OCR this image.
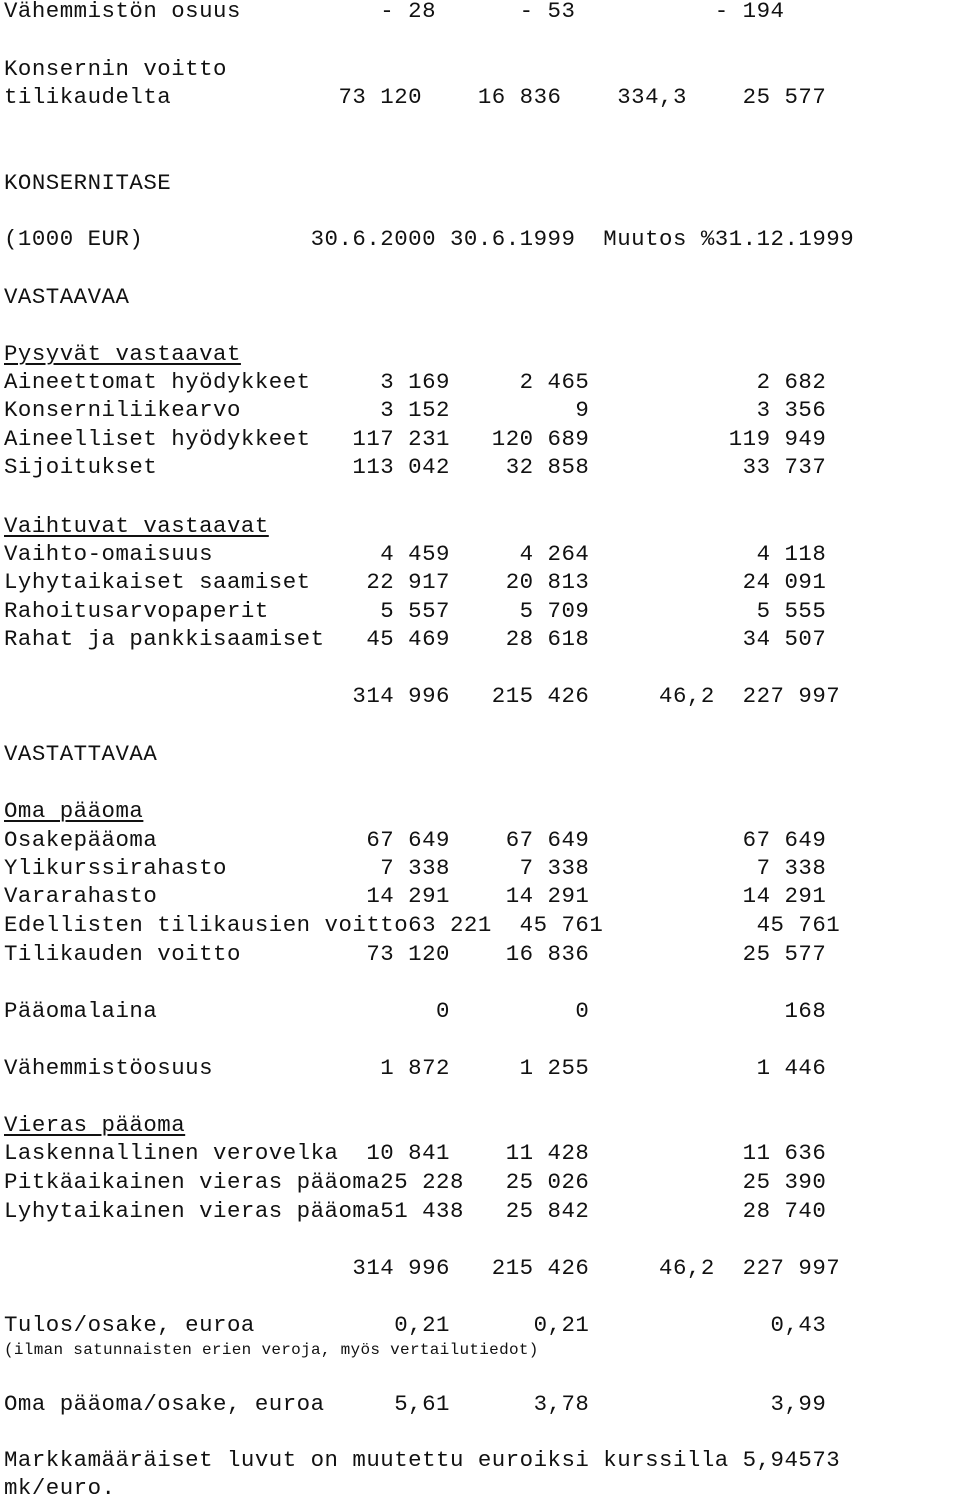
Vähemmistön osuus          - 28      - 53          - 194
Konsernin voitto
tilikaudelta            73 120    16 836    334,3    25 577
KONSERNITASE
(1000 EUR)            30.6.2000 30.6.1999  Muutos %31.12.1999
VASTAAVAA
Pysyvät vastaavat
Aineettomat hyödykkeet     3 169     2 465            2 682
Konserniliikearvo          3 152         9            3 356
Aineelliset hyödykkeet   117 231   120 689          119 949
Sijoitukset              113 042    32 858           33 737
Vaihtuvat vastaavat
Vaihto-omaisuus            4 459     4 264            4 118
Lyhytaikaiset saamiset    22 917    20 813           24 091
Rahoitusarvopaperit        5 557     5 709            5 555
Rahat ja pankkisaamiset   45 469    28 618           34 507
314 996   215 426     46,2  227 997
VASTATTAVAA
Oma pääoma
Osakepääoma               67 649    67 649           67 649
Ylikurssirahasto           7 338     7 338            7 338
Vararahasto               14 291    14 291           14 291
Edellisten tilikausien voitto63 221  45 761           45 761
Tilikauden voitto         73 120    16 836           25 577
Pääomalaina                    0         0              168
Vähemmistöosuus            1 872     1 255            1 446
Vieras pääoma
Laskennallinen verovelka  10 841    11 428           11 636
Pitkäaikainen vieras pääoma25 228   25 026           25 390
Lyhytaikainen vieras pääoma51 438   25 842           28 740
314 996   215 426     46,2  227 997
Tulos/osake, euroa          0,21      0,21             0,43
(ilman satunnaisten erien veroja, myös vertailutiedot)
Oma pääoma/osake, euroa     5,61      3,78             3,99
Markkamääräiset luvut on muutettu euroiksi kurssilla 5,94573
mk/euro.
